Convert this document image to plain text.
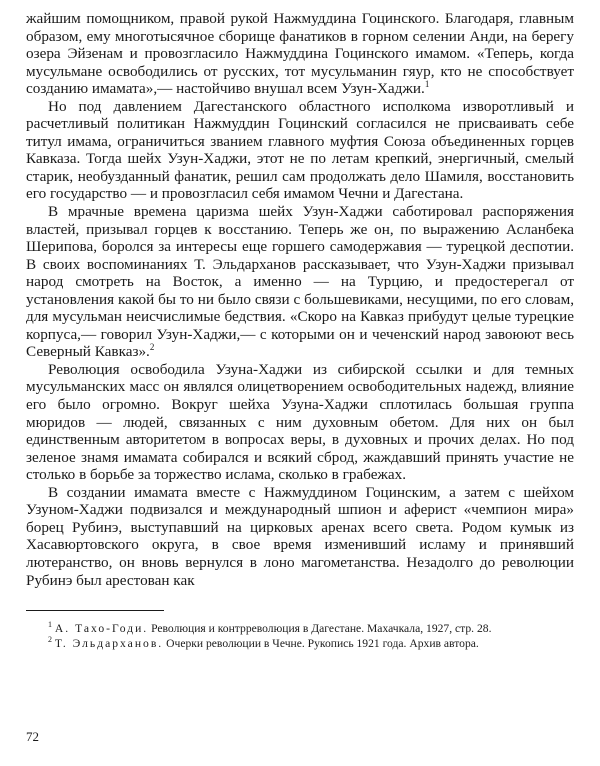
жайшим помощником, правой рукой Нажмуддина Гоцинского. Благодаря, главным образом, ему многотысячное сборище фанатиков в горном селении Анди, на берегу озера Эйзенам и провозгласило Нажмуддина Гоцинского имамом. «Теперь, когда мусульмане освободились от русских, тот мусульманин гяур, кто не способствует созданию имамата»,— настойчиво внушал всем Узун-Хаджи.$^1$

Но под давлением Дагестанского областного исполкома изворотливый и расчетливый политикан Нажмуддин Гоцинский согласился не присваивать себе титул имама, ограничиться званием главного муфтия Союза объединенных горцев Кавказа. Тогда шейх Узун-Хаджи, этот не по летам крепкий, энергичный, смелый старик, необузданный фанатик, решил сам продолжать дело Шамиля, восстановить его государство — и провозгласил себя имамом Чечни и Дагестана.

В мрачные времена царизма шейх Узун-Хаджи саботировал распоряжения властей, призывал горцев к восстанию. Теперь же он, по выражению Асланбека Шерипова, боролся за интересы еще горшего самодержавия — турецкой деспотии. В своих воспоминаниях Т. Эльдарханов рассказывает, что Узун-Хаджи призывал народ смотреть на Восток, а именно — на Турцию, и предостерегал от установления какой бы то ни было связи с большевиками, несущими, по его словам, для мусульман неисчислимые бедствия. «Скоро на Кавказ прибудут целые турецкие корпуса,— говорил Узун-Хаджи,— с которыми он и чеченский народ завоюют весь Северный Кавказ».$^2$

Революция освободила Узуна-Хаджи из сибирской ссылки и для темных мусульманских масс он являлся олицетворением освободительных надежд, влияние его было огромно. Вокруг шейха Узуна-Хаджи сплотилась большая группа мюридов — людей, связанных с ним духовным обетом. Для них он был единственным авторитетом в вопросах веры, в духовных и прочих делах. Но под зеленое знамя имамата собирался и всякий сброд, жаждавший принять участие не столько в борьбе за торжество ислама, сколько в грабежах.

В создании имамата вместе с Нажмуддином Гоцинским, а затем с шейхом Узуном-Хаджи подвизался и международный шпион и аферист «чемпион мира» борец Рубинэ, выступавший на цирковых аренах всего света. Родом кумык из Хасавюртовского округа, в свое время изменивший исламу и принявший лютеранство, он вновь вернулся в лоно магометанства. Незадолго до революции Рубинэ был арестован как

$^1$ А. Тахо-Годи. Революция и контрреволюция в Дагестане. Махачкала, 1927, стр. 28.

$^2$ Т. Эльдарханов. Очерки революции в Чечне. Рукопись 1921 года. Архив автора.

72
